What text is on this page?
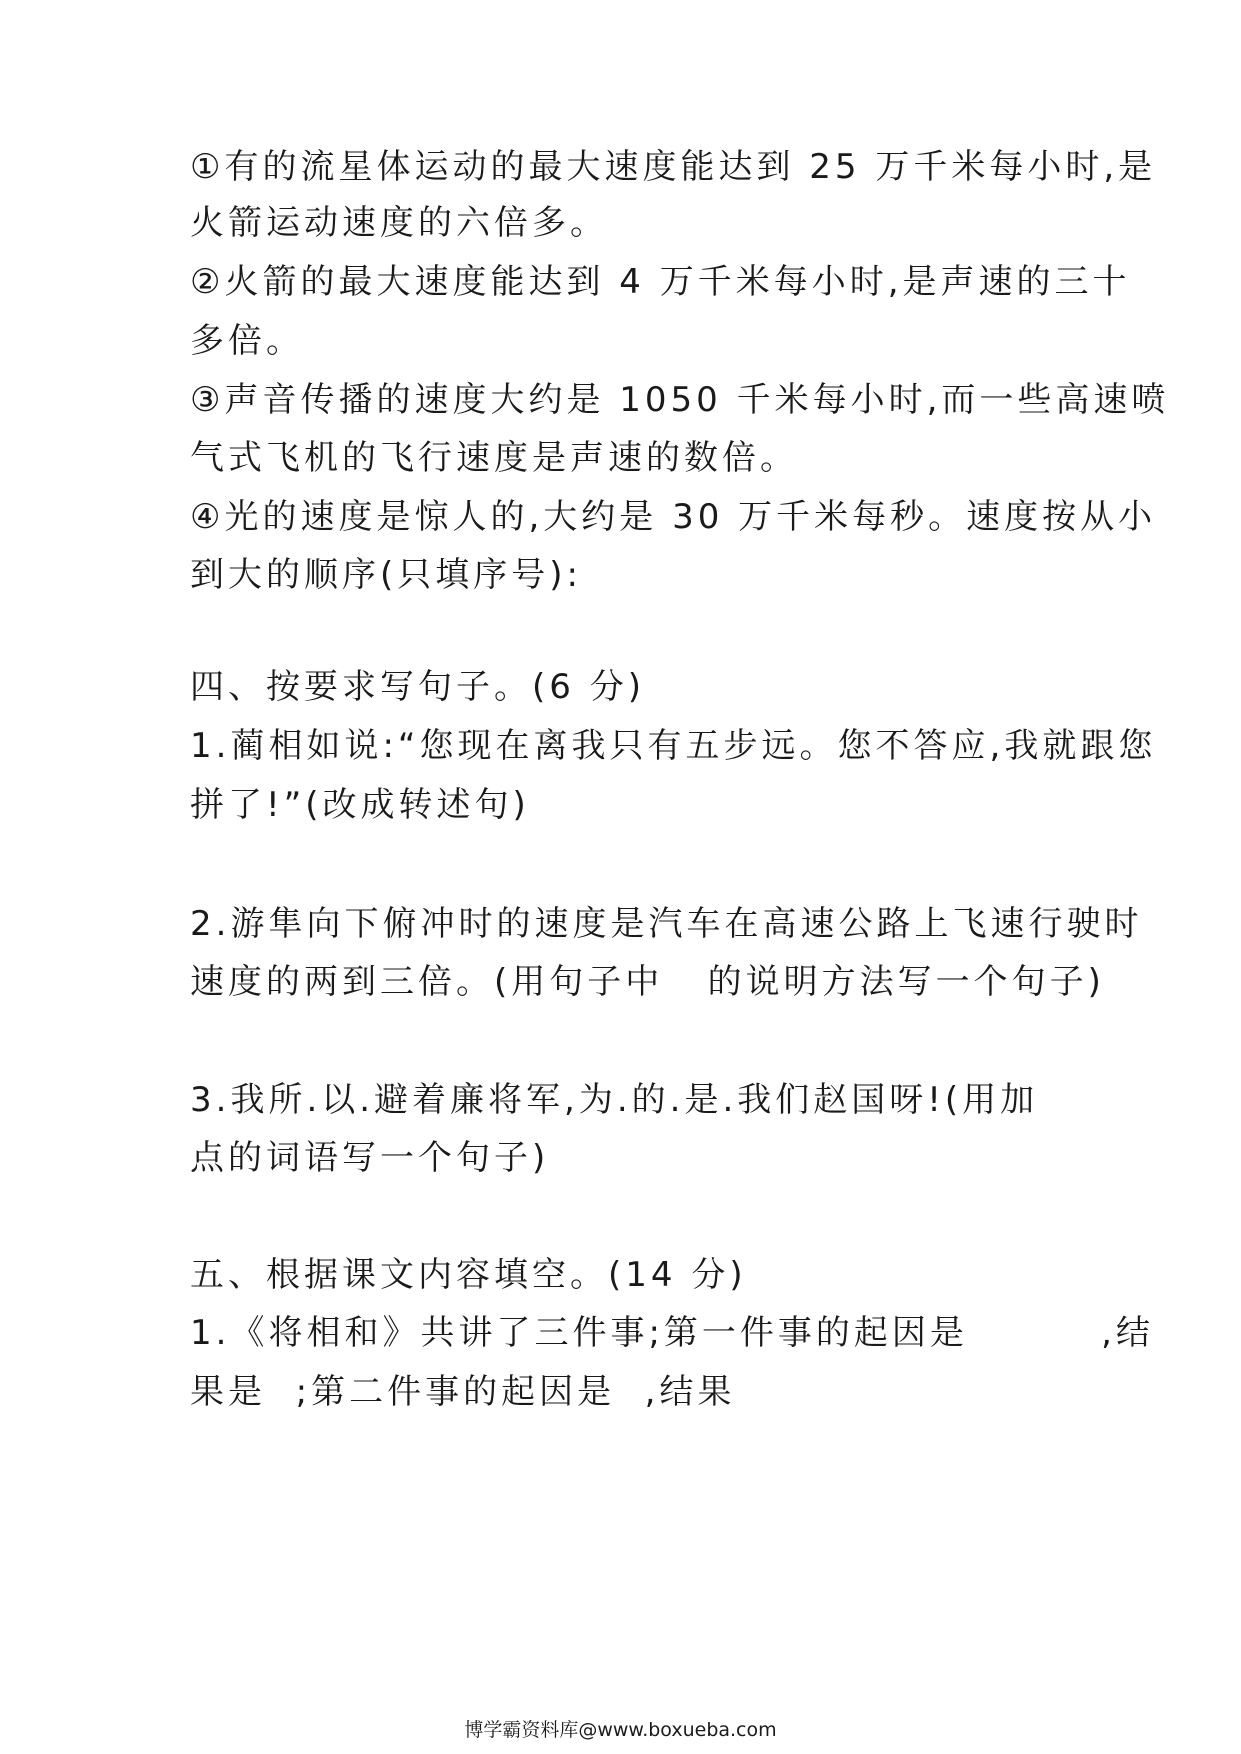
①有的流星体运动的最大速度能达到 25 万千米每小时,是
火箭运动速度的六倍多。
②火箭的最大速度能达到 4 万千米每小时,是声速的三十
多倍。
③声音传播的速度大约是 1050 千米每小时,而一些高速喷
气式飞机的飞行速度是声速的数倍。
④光的速度是惊人的,大约是 30 万千米每秒。速度按从小
到大的顺序(只填序号):
四、按要求写句子。(6 分)
1.蔺相如说:“您现在离我只有五步远。您不答应,我就跟您
拼了!”(改成转述句)
2.游隼向下俯冲时的速度是汽车在高速公路上飞速行驶时
速度的两到三倍。(用句子中   的说明方法写一个句子)
3.我所.以.避着廉将军,为.的.是.我们赵国呀!(用加
点的词语写一个句子)
五、根据课文内容填空。(14 分)
1.《将相和》共讲了三件事;第一件事的起因是         ,结
果是  ;第二件事的起因是  ,结果
博学霸资料库@www.boxueba.com
